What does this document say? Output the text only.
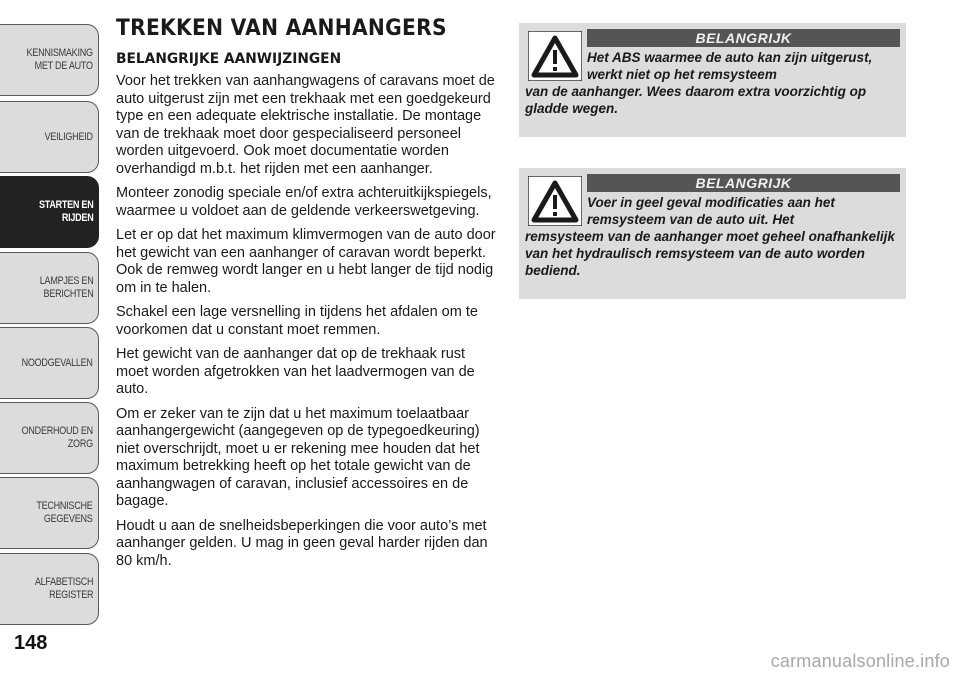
KENNISMAKING
MET DE AUTO
VEILIGHEID
STARTEN EN
RIJDEN
LAMPJES EN
BERICHTEN
NOODGEVALLEN
ONDERHOUD EN
ZORG
TECHNISCHE
GEGEVENS
ALFABETISCH
REGISTER
148
TREKKEN VAN AANHANGERS
BELANGRIJKE AANWIJZINGEN

Voor het trekken van aanhangwagens of caravans moet de auto uitgerust zijn met een trekhaak met een goedgekeurd type en een adequate elektrische installatie. De montage van de trekhaak moet door gespecialiseerd personeel worden uitgevoerd. Ook moet documentatie worden overhandigd m.b.t. het rijden met een aanhanger.

Monteer zonodig speciale en/of extra achteruitkijkspiegels, waarmee u voldoet aan de geldende verkeerswetgeving.

Let er op dat het maximum klimvermogen van de auto door het gewicht van een aanhanger of caravan wordt beperkt. Ook de remweg wordt langer en u hebt langer de tijd nodig om in te halen.

Schakel een lage versnelling in tijdens het afdalen om te voorkomen dat u constant moet remmen.

Het gewicht van de aanhanger dat op de trekhaak rust moet worden afgetrokken van het laadvermogen van de auto.

Om er zeker van te zijn dat u het maximum toelaatbaar aanhangergewicht (aangegeven op de typegoedkeuring) niet overschrijdt, moet u er rekening mee houden dat het maximum betrekking heeft op het totale gewicht van de aanhangwagen of caravan, inclusief accessoires en de bagage.

Houdt u aan de snelheidsbeperkingen die voor auto’s met aanhanger gelden. U mag in geen geval harder rijden dan 80 km/h.

BELANGRIJK
Het ABS waarmee de auto kan zijn uitgerust, werkt niet op het remsysteem
van de aanhanger. Wees daarom extra voorzichtig op gladde wegen.
BELANGRIJK
Voer in geel geval modificaties aan het remsysteem van de auto uit. Het
remsysteem van de aanhanger moet geheel onafhankelijk van het hydraulisch remsysteem van de auto worden bediend.
carmanualsonline.info
